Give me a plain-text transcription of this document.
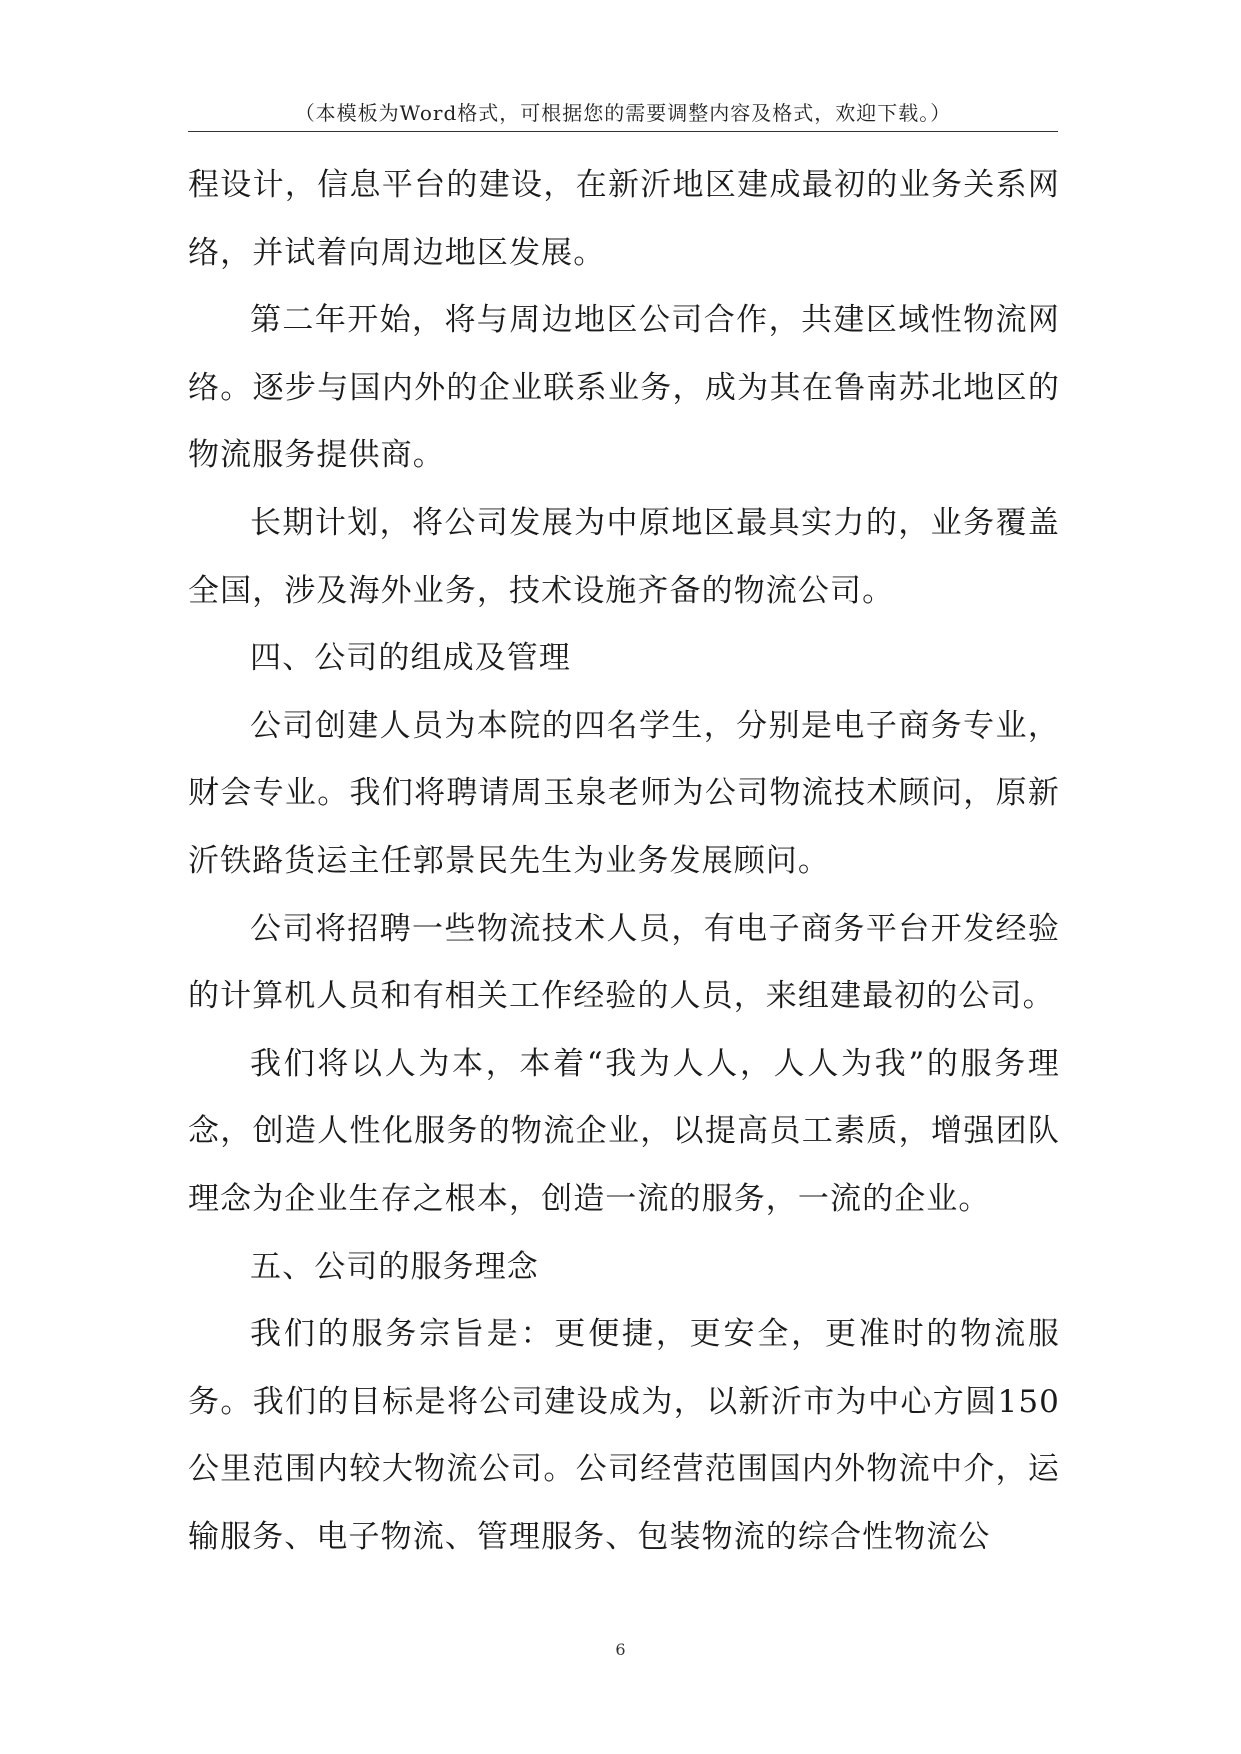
（本模板为Word格式，可根据您的需要调整内容及格式，欢迎下载。）

程设计，信息平台的建设，在新沂地区建成最初的业务关系网络，并试着向周边地区发展。

第二年开始，将与周边地区公司合作，共建区域性物流网络。逐步与国内外的企业联系业务，成为其在鲁南苏北地区的物流服务提供商。

长期计划，将公司发展为中原地区最具实力的，业务覆盖全国，涉及海外业务，技术设施齐备的物流公司。

四、公司的组成及管理

公司创建人员为本院的四名学生，分别是电子商务专业，财会专业。我们将聘请周玉泉老师为公司物流技术顾问，原新沂铁路货运主任郭景民先生为业务发展顾问。

公司将招聘一些物流技术人员，有电子商务平台开发经验的计算机人员和有相关工作经验的人员，来组建最初的公司。

我们将以人为本，本着“我为人人，人人为我”的服务理念，创造人性化服务的物流企业，以提高员工素质，增强团队理念为企业生存之根本，创造一流的服务，一流的企业。

五、公司的服务理念

我们的服务宗旨是：更便捷，更安全，更准时的物流服务。我们的目标是将公司建设成为，以新沂市为中心方圆150公里范围内较大物流公司。公司经营范围国内外物流中介，运输服务、电子物流、管理服务、包装物流的综合性物流公

6
